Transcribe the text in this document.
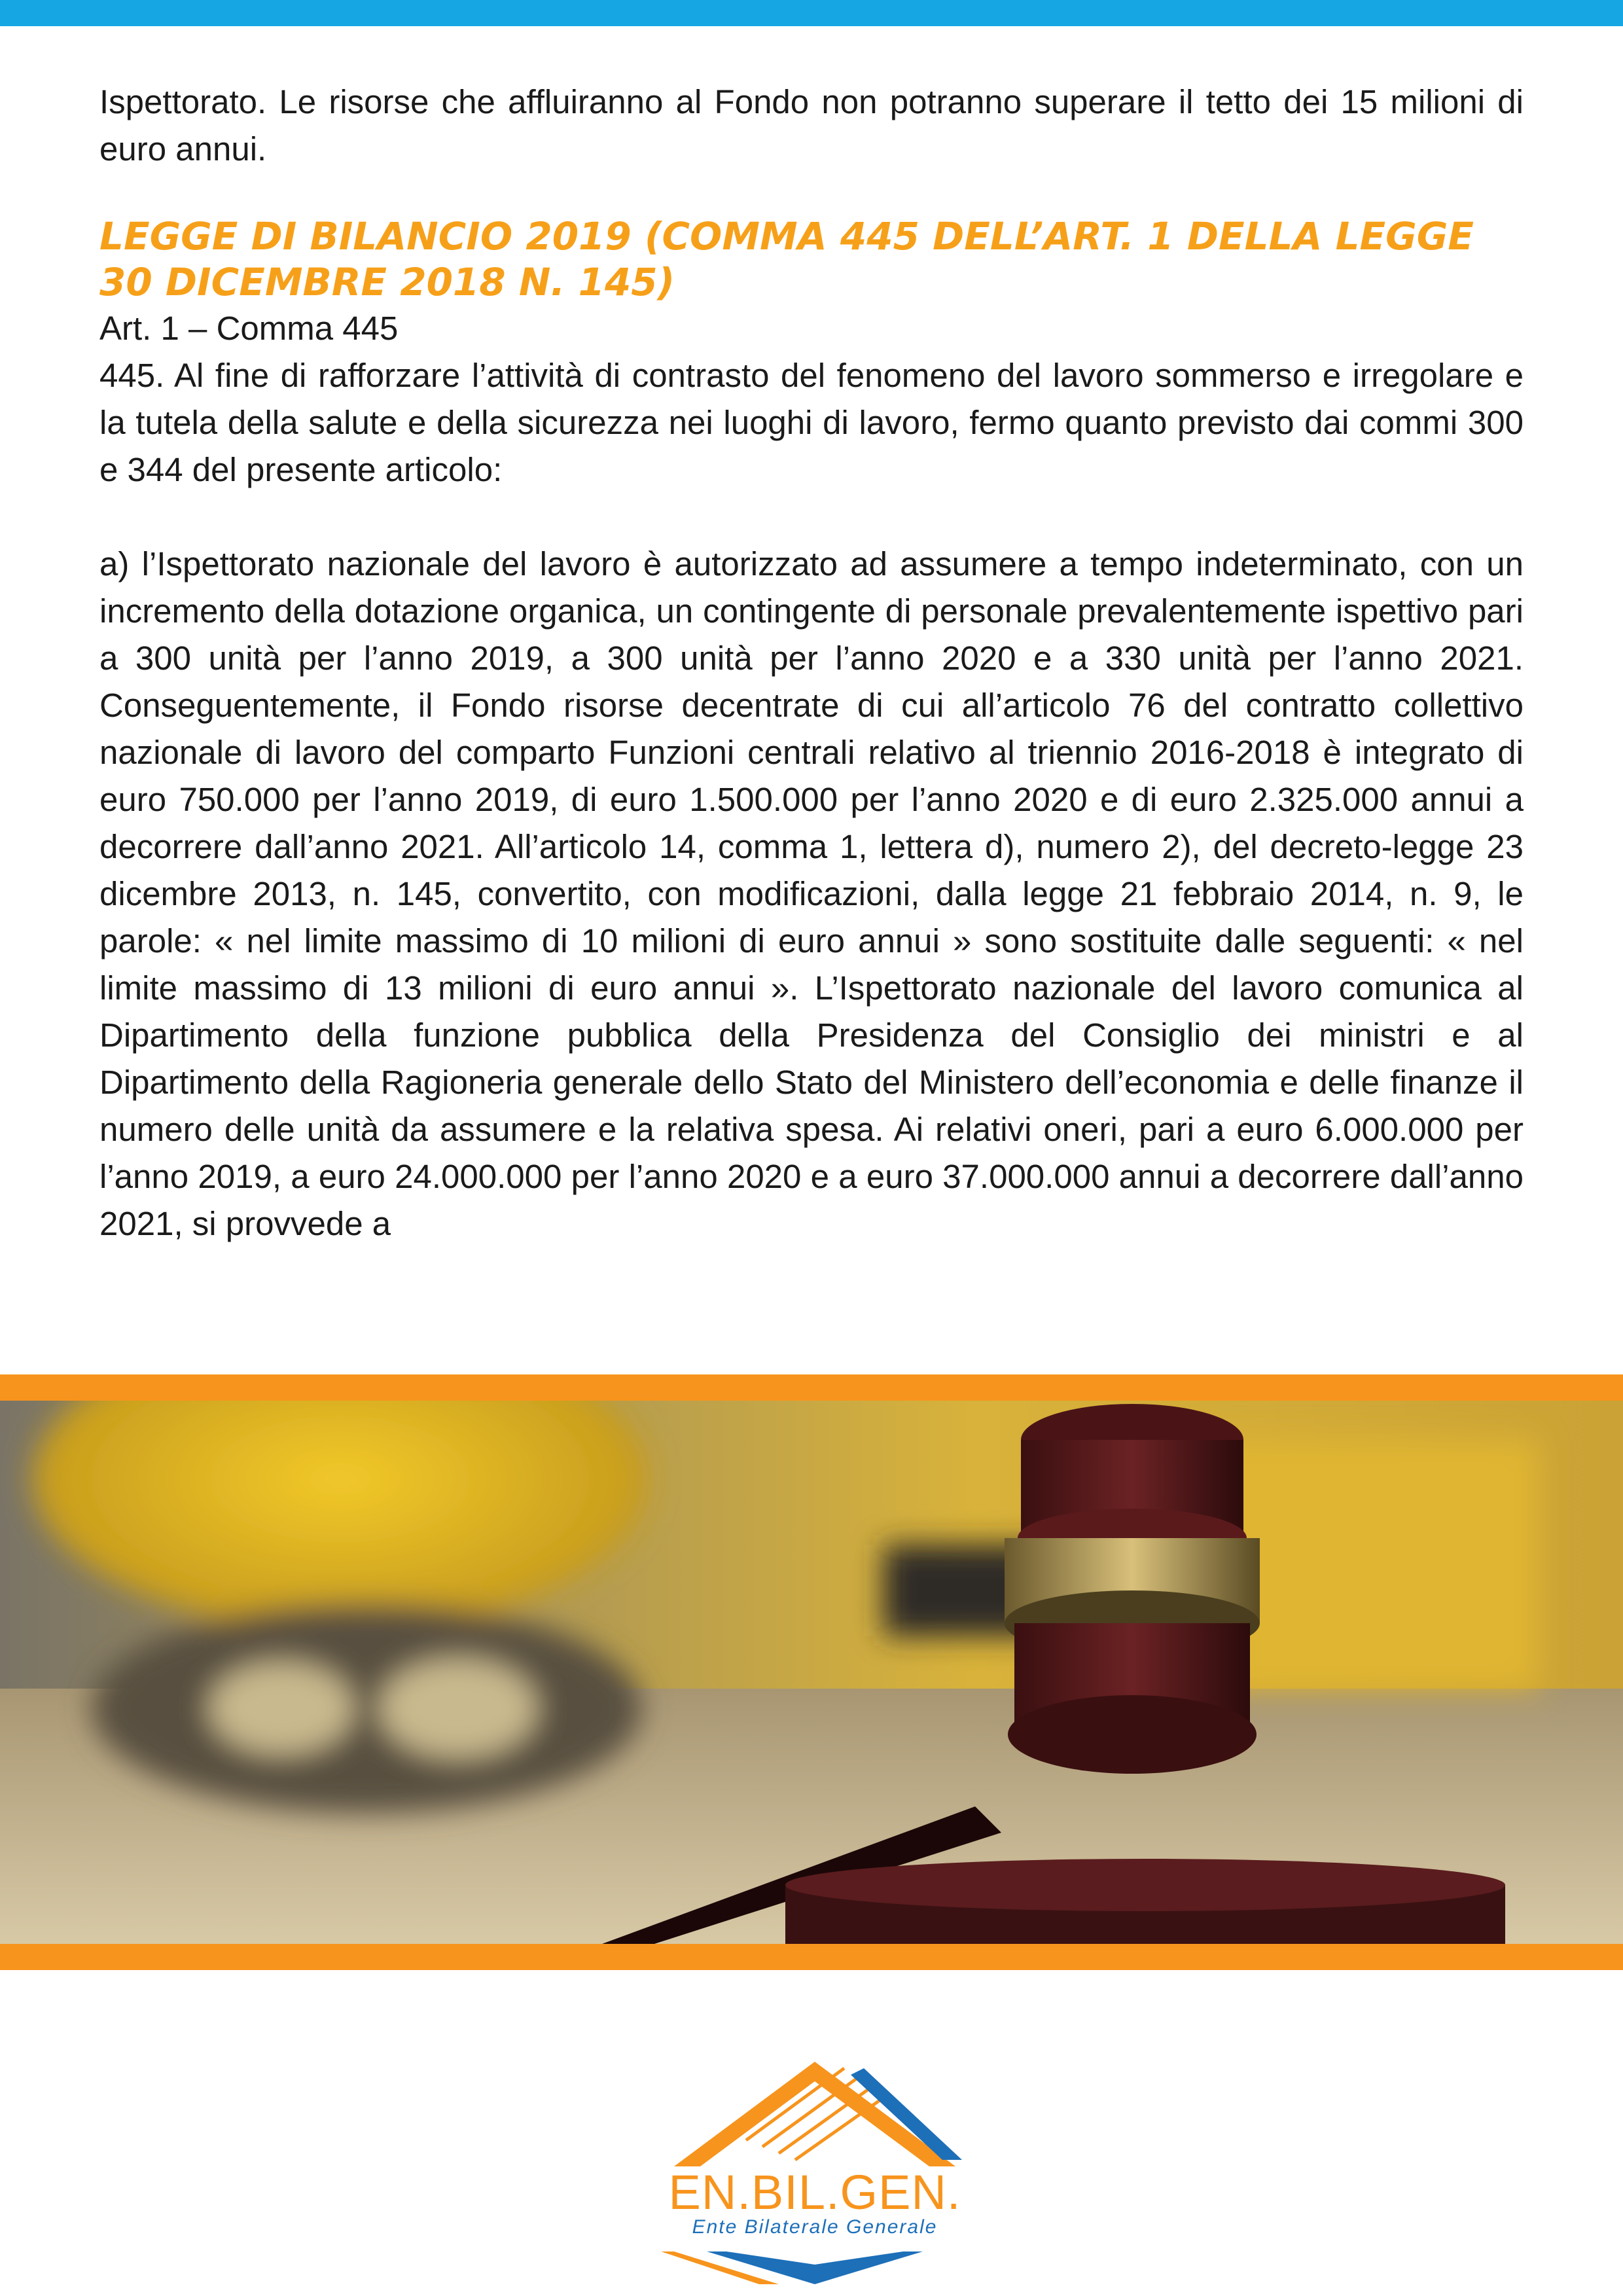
Ispettorato. Le risorse che affluiranno al Fondo non potranno superare il tetto dei 15 milioni di euro annui.

LEGGE DI BILANCIO 2019 (COMMA 445 DELL’ART. 1 DELLA LEGGE 30 DICEMBRE 2018 N. 145)

Art. 1 – Comma 445

445. Al fine di rafforzare l’attività di contrasto del fenomeno del lavoro sommerso e irregolare e la tutela della salute e della sicurezza nei luoghi di lavoro, fermo quanto previsto dai commi 300 e 344 del presente articolo:

a) l’Ispettorato nazionale del lavoro è autorizzato ad assumere a tempo indeterminato, con un incremento della dotazione organica, un contingente di personale prevalentemente ispettivo pari a 300 unità per l’anno 2019, a 300 unità per l’anno 2020 e a 330 unità per l’anno 2021. Conseguentemente, il Fondo risorse decentrate di cui all’articolo 76 del contratto collettivo nazionale di lavoro del comparto Funzioni centrali relativo al triennio 2016-2018 è integrato di euro 750.000 per l’anno 2019, di euro 1.500.000 per l’anno 2020 e di euro 2.325.000 annui a decorrere dall’anno 2021. All’articolo 14, comma 1, lettera d), numero 2), del decreto-legge 23 dicembre 2013, n. 145, convertito, con modificazioni, dalla legge 21 febbraio 2014, n. 9, le parole: « nel limite massimo di 10 milioni di euro annui » sono sostituite dalle seguenti: « nel limite massimo di 13 milioni di euro annui ». L’Ispettorato nazionale del lavoro comunica al Dipartimento della funzione pubblica della Presidenza del Consiglio dei ministri e al Dipartimento della Ragioneria generale dello Stato del Ministero dell’economia e delle finanze il numero delle unità da assumere e la relativa spesa. Ai relativi oneri, pari a euro 6.000.000 per l’anno 2019, a euro 24.000.000 per l’anno 2020 e a euro 37.000.000 annui a decorrere dall’anno 2021, si provvede a

EN.BIL.GEN.
Ente Bilaterale Generale
